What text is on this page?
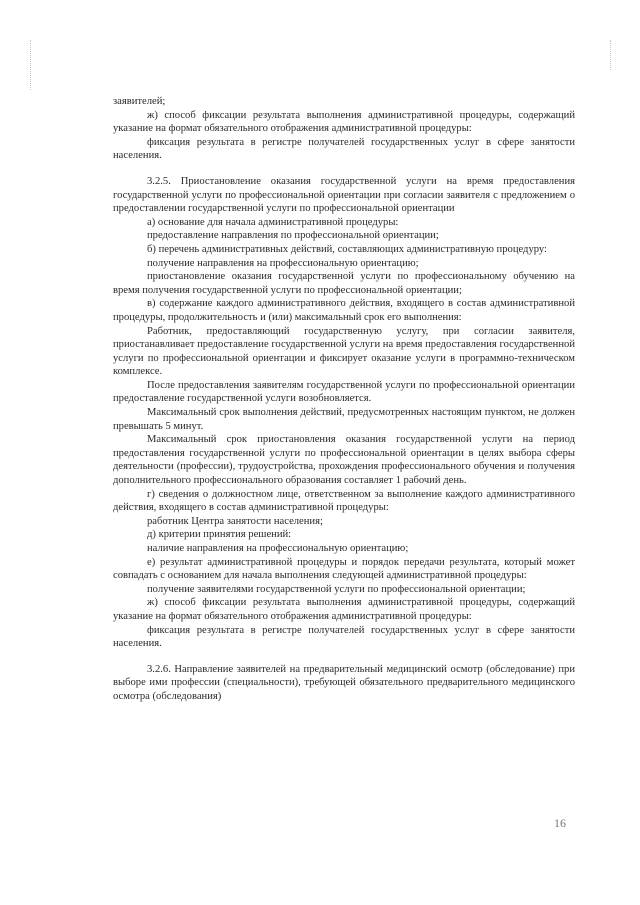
заявителей;

ж) способ фиксации результата выполнения административной процедуры, содержащий указание на формат обязательного отображения административной процедуры:

фиксация результата в регистре получателей государственных услуг в сфере занятости населения.

3.2.5. Приостановление оказания государственной услуги на время предоставления государственной услуги по профессиональной ориентации при согласии заявителя с предложением о предоставлении государственной услуги по профессиональной ориентации

а) основание для начала административной процедуры:

предоставление направления по профессиональной ориентации;

б) перечень административных действий, составляющих административную процедуру:

получение направления на профессиональную ориентацию;

приостановление оказания государственной услуги по профессиональному обучению на время получения государственной услуги по профессиональной ориентации;

в) содержание каждого административного действия, входящего в состав административной процедуры, продолжительность и (или) максимальный срок его выполнения:

Работник, предоставляющий государственную услугу, при согласии заявителя, приостанавливает предоставление государственной услуги на время предоставления государственной услуги по профессиональной ориентации и фиксирует оказание услуги в программно-техническом комплексе.

После предоставления заявителям государственной услуги по профессиональной ориентации предоставление государственной услуги возобновляется.

Максимальный срок выполнения действий, предусмотренных настоящим пунктом, не должен превышать 5 минут.

Максимальный срок приостановления оказания государственной услуги на период предоставления государственной услуги по профессиональной ориентации в целях выбора сферы деятельности (профессии), трудоустройства, прохождения профессионального обучения и получения дополнительного профессионального образования составляет 1 рабочий день.

г) сведения о должностном лице, ответственном за выполнение каждого административного действия, входящего в состав административной процедуры:

работник Центра занятости населения;

д) критерии принятия решений:

наличие направления на профессиональную ориентацию;

е) результат административной процедуры и порядок передачи результата, который может совпадать с основанием для начала выполнения следующей административной процедуры:

получение заявителями государственной услуги по профессиональной ориентации;

ж) способ фиксации результата выполнения административной процедуры, содержащий указание на формат обязательного отображения административной процедуры:

фиксация результата в регистре получателей государственных услуг в сфере занятости населения.

3.2.6. Направление заявителей на предварительный медицинский осмотр (обследование) при выборе ими профессии (специальности), требующей обязательного предварительного медицинского осмотра (обследования)

16
